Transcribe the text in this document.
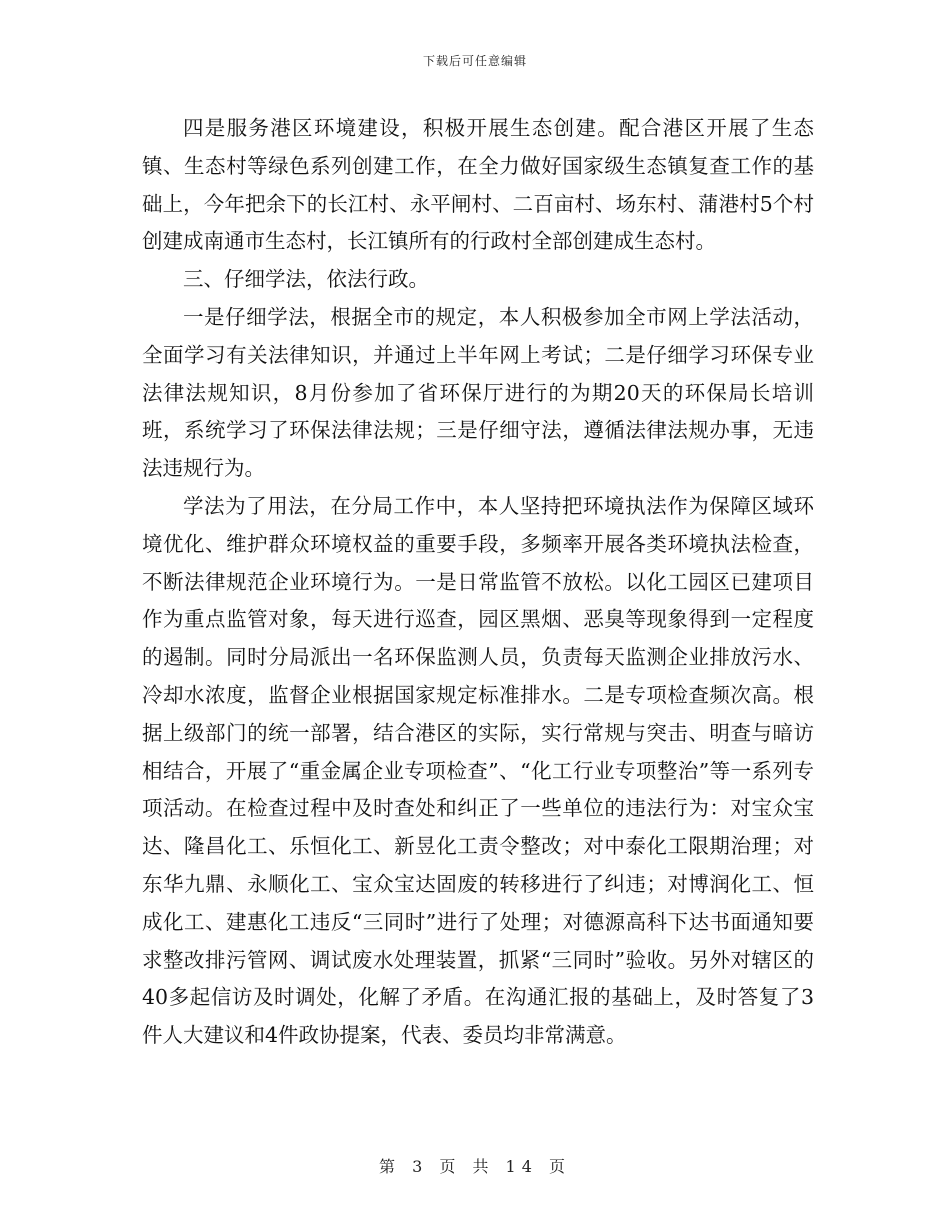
下载后可任意编辑

四是服务港区环境建设，积极开展生态创建。配合港区开展了生态镇、生态村等绿色系列创建工作，在全力做好国家级生态镇复查工作的基础上，今年把余下的长江村、永平闸村、二百亩村、场东村、蒲港村5个村创建成南通市生态村，长江镇所有的行政村全部创建成生态村。

三、仔细学法，依法行政。

一是仔细学法，根据全市的规定，本人积极参加全市网上学法活动，全面学习有关法律知识，并通过上半年网上考试；二是仔细学习环保专业法律法规知识，8月份参加了省环保厅进行的为期20天的环保局长培训班，系统学习了环保法律法规；三是仔细守法，遵循法律法规办事，无违法违规行为。

学法为了用法，在分局工作中，本人坚持把环境执法作为保障区域环境优化、维护群众环境权益的重要手段，多频率开展各类环境执法检查，不断法律规范企业环境行为。一是日常监管不放松。以化工园区已建项目作为重点监管对象，每天进行巡查，园区黑烟、恶臭等现象得到一定程度的遏制。同时分局派出一名环保监测人员，负责每天监测企业排放污水、冷却水浓度，监督企业根据国家规定标准排水。二是专项检查频次高。根据上级部门的统一部署，结合港区的实际，实行常规与突击、明查与暗访相结合，开展了“重金属企业专项检查”、“化工行业专项整治”等一系列专项活动。在检查过程中及时查处和纠正了一些单位的违法行为：对宝众宝达、隆昌化工、乐恒化工、新昱化工责令整改；对中泰化工限期治理；对东华九鼎、永顺化工、宝众宝达固废的转移进行了纠违；对博润化工、恒成化工、建惠化工违反“三同时”进行了处理；对德源高科下达书面通知要求整改排污管网、调试废水处理装置，抓紧“三同时”验收。另外对辖区的40多起信访及时调处，化解了矛盾。在沟通汇报的基础上，及时答复了3件人大建议和4件政协提案，代表、委员均非常满意。

第 3 页 共 14 页
